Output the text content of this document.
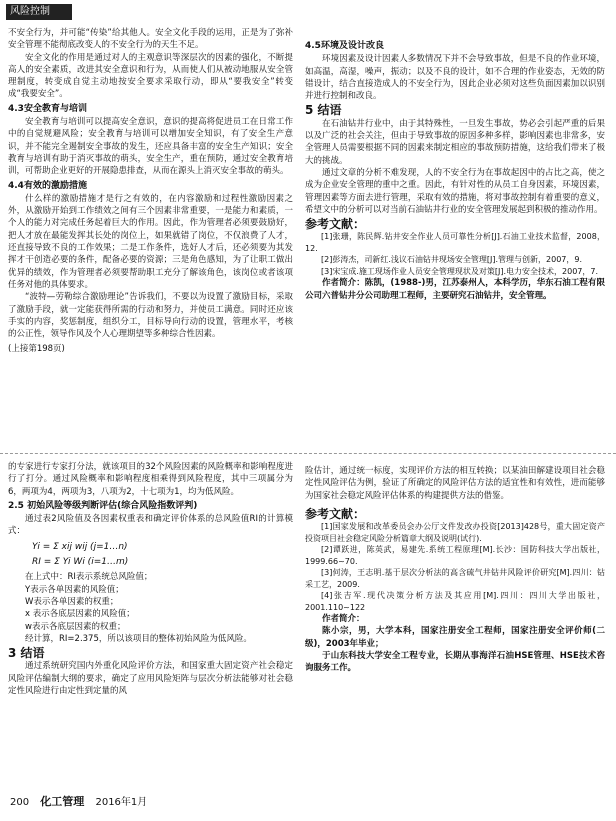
风险控制

不安全行为，并可能“传染”给其他人。安全文化手段的运用，正是为了弥补安全管理不能彻底改变人的不安全行为的天生不足。

安全文化的作用是通过对人的主观意识等深层次的因素的强化，不断提高人的安全素质，改进其安全意识和行为，从而使人们从被动地服从安全管理制度，转变成自觉主动地按安全要求采取行动，即从“要我安全”转变成“我要安全”。

4.3安全教育与培训

安全教育与培训可以提高安全意识，意识的提高将促进员工在日常工作中的自觉规避风险；安全教育与培训可以增加安全知识，有了安全生产意识，并不能完全遏制安全事故的发生，还应具备丰富的安全生产知识；安全教育与培训有助于消灭事故的萌头，安全生产，重在预防，通过安全教育培训，可帮助企业更好的开展隐患排查，从而在源头上消灭安全事故的萌头。

4.4有效的激励措施

什么样的激励措施才是行之有效的，在内容激励和过程性激励因素之外，从激励开始到工作绩效之间有三个因素非常重要，一是能力和素质，一个人的能力对完成任务起着巨大的作用。因此，作为管理者必须要鼓励好，把人才放在最能发挥其长处的岗位上，如果就错了岗位，不仅浪费了人才，还直接导致不良的工作效果；二是工作条件，选好人才后，还必须要为其发挥才干创造必要的条件，配备必要的资源；三是角色感知，为了让职工做出优异的绩效，作为管理者必须要帮助职工充分了解该角色，该岗位或者该项任务对他的具体要求。

“波特—劳勒综合激励理论”告诉我们，不要以为设置了激励目标，采取了激励手段，就一定能获得所需的行动和努力，并使员工满意。同时还应该手实的内容，奖惩制度，组织分工，目标导向行动的设置，管理水平，考核的公正性，领导作风及个人心理期望等多种综合性因素。

(上接第198页)

4.5环境及设计改良

环境因素及设计因素人多数情况下并不会导致事故，但是不良的作业环境，如高温，高湿，噪声，振动；以及不良的设计，如不合理的作业姿态，无效的防错设计，结合直接造成人的不安全行为，因此企业必须对这些负面因素加以识别并进行控制和改良。

5 结语

在石油钻井行业中，由于其特殊性，一旦发生事故，势必会引起严重的后果以及广泛的社会关注，但由于导致事故的原因多种多样，影响因素也非常多，安全管理人员需要根据不同的因素来制定相应的事故预防措施，这给我们带来了极大的挑战。

通过文章的分析不难发现，人的不安全行为在事故起因中的占比之高，使之成为企业安全管理的重中之重。因此，有针对性的从员工自身因素，环境因素，管理因素等方面去进行管理，采取有效的措施，将对事故控制有着重要的意义，希望文中的分析可以对当前石油钻井行业的安全管理发展起到积极的推动作用。

参考文献：

[1]张珊，陈民辉.钻井安全作业人员可靠性分析[J].石油工业技术监督，2008，12.

[2]彭涛杰，司新红.浅议石油钻井现场安全管理[J].管理与创新，2007，9.

[3]宋宝成.施工现场作业人员安全管理现状及对策[J].电力安全技术，2007，7.

作者简介：陈凯，(1988-)男，江苏泰州人，本科学历，华东石油工程有限公司六普钻井分公司助理工程师，主要研究石油钻井，安全管理。

的专家进行专家打分法，就该项目的32个风险因素的风险概率和影响程度进行了打分。通过风险概率和影响程度相乘得到风险程度，其中三项属分为6，两项为4，两项为3，八项为2，十七项为1，均为低风险。

2.5 初始风险等级判断评估(综合风险指数评判)

通过表2风险值及各因素权重表和确定评价体系的总风险值RI的计算模式：

Yi = Σ xij wij (j=1…n)
RI = Σ Yi Wi (i=1…m)

在上式中：RI表示系统总风险值；

Y表示各单因素的风险值；

W表示各单因素的权重；

x 表示各底层因素的风险值；

w表示各底层因素的权重；

经计算，RI=2.375，所以该项目的整体初始风险为低风险。

3 结语

通过系统研究国内外重化风险评价方法，和国家重大固定资产社会稳定风险评估编制大纲的要求，确定了应用风险矩阵与层次分析法能够对社会稳定性风险进行由定性到定量的风

险估计，通过统一标度，实现评价方法的相互转换；以某油田解建设项目社会稳定性风险评估为例，验证了所确定的风险评估方法的适宜性和有效性，进而能够为国家社会稳定风险评估体系的构建提供方法的借鉴。

参考文献：

[1]国家发展和改革委员会办公厅文件发改办投资[2013]428号，重大固定资产投资项目社会稳定风险分析篇章大纲及说明(试行).

[2]谭跃进，陈英武，易建先.系统工程原理[M].长沙：国防科技大学出版社，1999.66~70.

[3]何涛，王志明.基于层次分析法的高含硫气井钻井风险评价研究[M].四川：钻采工艺，2009.

[4]张吉军.现代决策分析方法及其应用[M].四川：四川大学出版社，2001.110~122

作者简介：

陈小宗，男，大学本科，国家注册安全工程师，国家注册安全评价师(二级)，2003年毕业；

于山东科技大学安全工程专业，长期从事海洋石油HSE管理、HSE技术咨询服务工作。

200 化工管理 2016年1月
